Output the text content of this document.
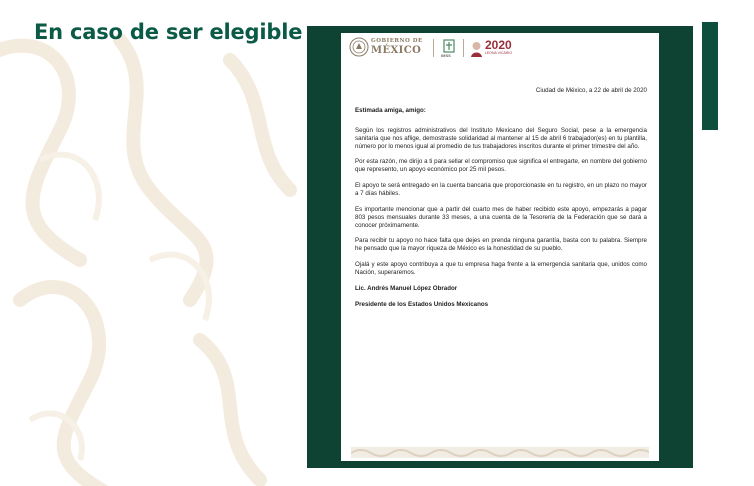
En caso de ser elegible	GOBIERNO DE
MÉXICO	IMSS
2020
LEONA VICARIO

Ciudad de México, a 22 de abril de 2020

Estimada amiga, amigo:

Según los registros administrativos del Instituto Mexicano del Seguro Social, pese a la emergencia sanitaria que nos aflige, demostraste solidaridad al mantener al 15 de abril 6 trabajador(es) en tu plantilla, número por lo menos igual al promedio de tus trabajadores inscritos durante el primer trimestre del año.

Por esta razón, me dirijo a ti para sellar el compromiso que significa el entregarte, en nombre del gobierno que represento, un apoyo económico por 25 mil pesos.

El apoyo te será entregado en la cuenta bancaria que proporcionaste en tu registro, en un plazo no mayor a 7 días hábiles.

Es importante mencionar que a partir del cuarto mes de haber recibido este apoyo, empezarás a pagar 803 pesos mensuales durante 33 meses, a una cuenta de la Tesorería de la Federación que se dará a conocer próximamente.

Para recibir tu apoyo no hace falta que dejes en prenda ninguna garantía, basta con tu palabra. Siempre he pensado que la mayor riqueza de México es la honestidad de su pueblo.

Ojalá y este apoyo contribuya a que tu empresa haga frente a la emergencia sanitaria que, unidos como Nación, superaremos.

Lic. Andrés Manuel López Obrador

Presidente de los Estados Unidos Mexicanos
